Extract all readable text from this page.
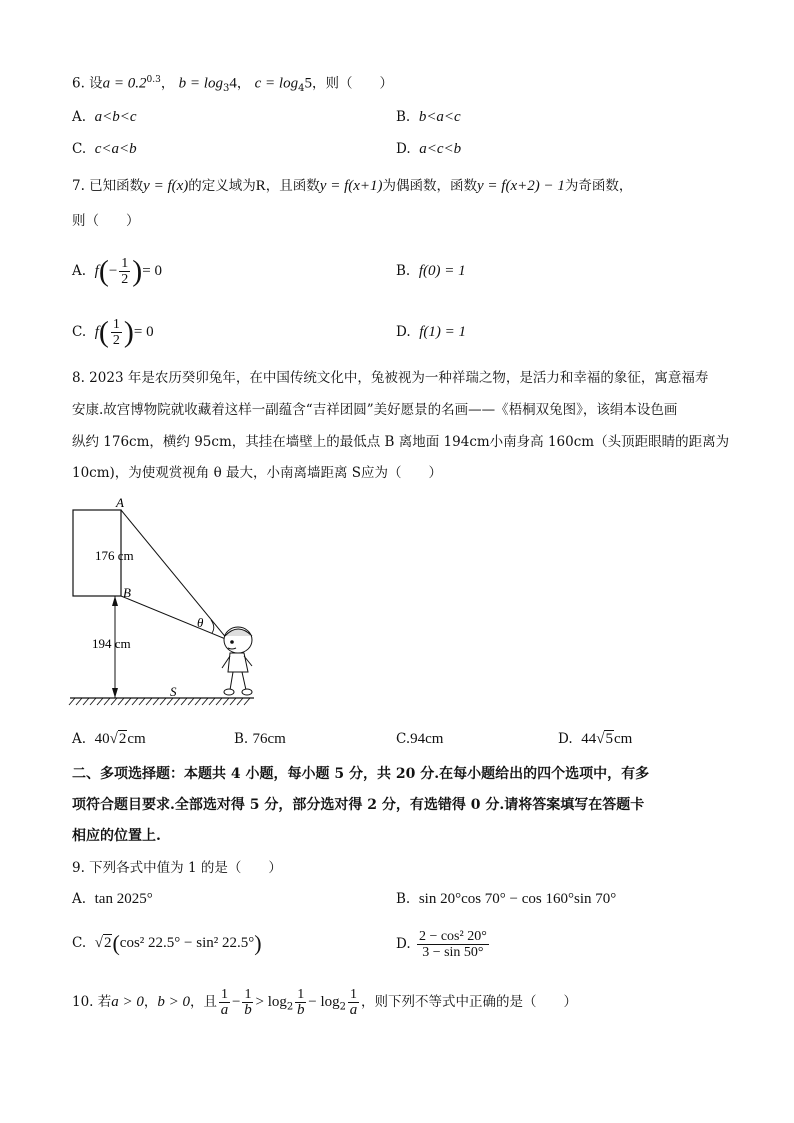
6. 设$a = 0.2^{0.3}$， $b = \log_34$， $c = \log_45$，则（　　）
A. a<b<c	B. b<a<c
C. c<a<b	D. a<c<b
7. 已知函数y = f(x)的定义域为R，且函数y = f(x+1)为偶函数，函数y = f(x+2) − 1为奇函数，
则（　　）
A. $f(- \frac{1}{2}$ )= 0	B. f(0) = 1
C. $f( \frac{1}{2}$ )= 0	D. f(1) = 1
8. 2023 年是农历癸卯兔年，在中国传统文化中，兔被视为一种祥瑞之物，是活力和幸福的象征，寓意福寿
安康.故宫博物院就收藏着这样一副蕴含“吉祥团圆”美好愿景的名画——《梧桐双兔图》，该绢本设色画
纵约 176cm，横约 95cm，其挂在墙壁上的最低点 B 离地面 194cm小南身高 160cm（头顶距眼睛的距离为
10cm)，为使观赏视角 θ 最大，小南离墙距离 S应为（　　）
A
B
176 cm
194 cm
θ
S
A. 40√2cm	B. 76cm	C.94cm	D. 44√5cm
二、多项选择题：本题共 4 小题，每小题 5 分，共 20 分.在每小题给出的四个选项中，有多
项符合题目要求.全部选对得 5 分，部分选对得 2 分，有选错得 0 分.请将答案填写在答题卡
相应的位置上.
9. 下列各式中值为 1 的是（　　）
A. tan 2025°	B. sin 20°cos 70° − cos 160°sin 70°
C. √2(cos² 22.5° − sin² 22.5°)	D. $\frac{\text{2 − cos² 20°}}{3 - \sin 50^\circ}$
10. 若a > 0，b > 0，且 $\frac{1}{a} - \frac{1}{b} > \log_2 \frac{1}{b} - \log_2 \frac{1}{a}$ ，则下列不等式中正确的是（　　）
